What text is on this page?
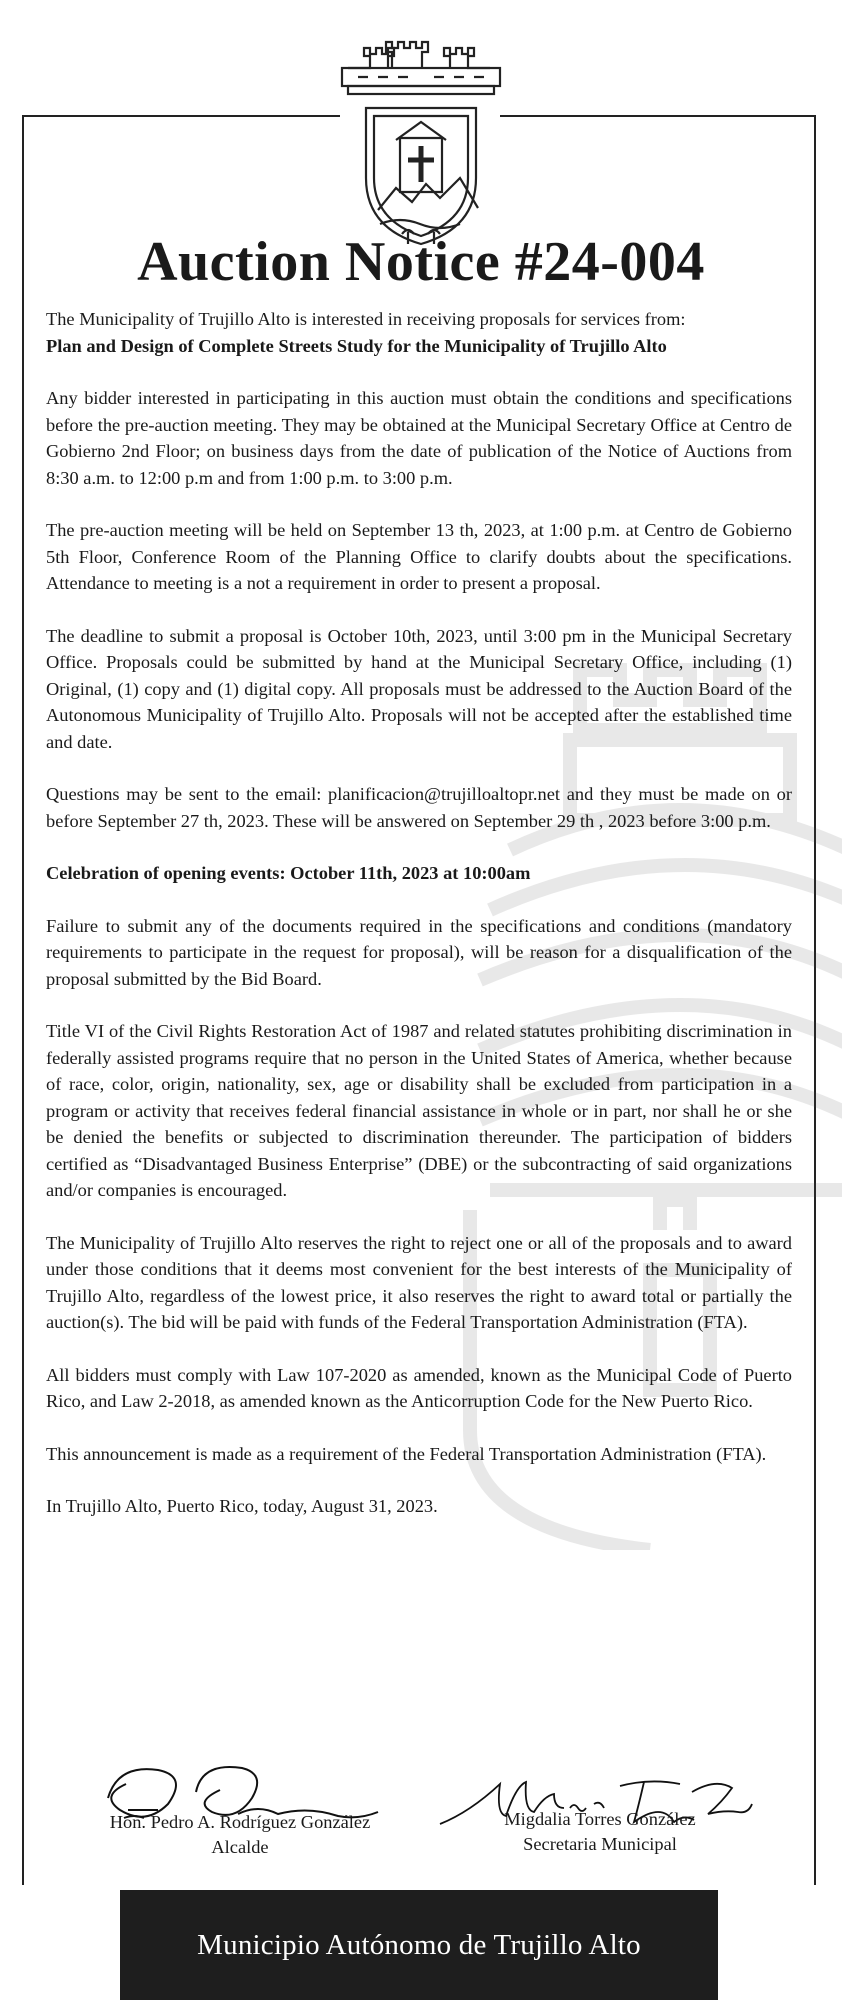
Auction Notice #24-004

The Municipality of Trujillo Alto is interested in receiving proposals for services from:

Plan and Design of Complete Streets Study for the Municipality of Trujillo Alto

Any bidder interested in participating in this auction must obtain the conditions and specifications before the pre-auction meeting. They may be obtained at the Municipal Secretary Office at Centro de Gobierno 2nd Floor; on business days from the date of publication of the Notice of Auctions from 8:30 a.m. to 12:00 p.m and from 1:00 p.m. to 3:00 p.m.

The pre-auction meeting will be held on September 13 th, 2023, at 1:00 p.m. at Centro de Gobierno 5th Floor, Conference Room of the Planning Office to clarify doubts about the specifications. Attendance to meeting is a not a requirement in order to present a proposal.

The deadline to submit a proposal is October 10th, 2023, until 3:00 pm in the Municipal Secretary Office. Proposals could be submitted by hand at the Municipal Secretary Office, including (1) Original, (1) copy and (1) digital copy. All proposals must be addressed to the Auction Board of the Autonomous Municipality of Trujillo Alto. Proposals will not be accepted after the established time and date.

Questions may be sent to the email: planificacion@trujilloaltopr.net and they must be made on or before September 27 th, 2023. These will be answered on September 29 th , 2023 before 3:00 p.m.

Celebration of opening events: October 11th, 2023 at 10:00am

Failure to submit any of the documents required in the specifications and conditions (mandatory requirements to participate in the request for proposal), will be reason for a disqualification of the proposal submitted by the Bid Board.

Title VI of the Civil Rights Restoration Act of 1987 and related statutes prohibiting discrimination in federally assisted programs require that no person in the United States of America, whether because of race, color, origin, nationality, sex, age or disability shall be excluded from participation in a program or activity that receives federal financial assistance in whole or in part, nor shall he or she be denied the benefits or subjected to discrimination thereunder. The participation of bidders certified as “Disadvantaged Business Enterprise” (DBE) or the subcontracting of said organizations and/or companies is encouraged.

The Municipality of Trujillo Alto reserves the right to reject one or all of the proposals and to award under those conditions that it deems most convenient for the best interests of the Municipality of Trujillo Alto, regardless of the lowest price, it also reserves the right to award total or partially the auction(s). The bid will be paid with funds of the Federal Transportation Administration (FTA).

All bidders must comply with Law 107-2020 as amended, known as the Municipal Code of Puerto Rico, and Law 2-2018, as amended known as the Anticorruption Code for the New Puerto Rico.

This announcement is made as a requirement of the Federal Transportation Administration (FTA).

In Trujillo Alto, Puerto Rico, today, August 31, 2023.

Hon. Pedro A. Rodríguez González
Alcalde
Migdalia Torres González
Secretaria Municipal
Municipio Autónomo de Trujillo Alto
